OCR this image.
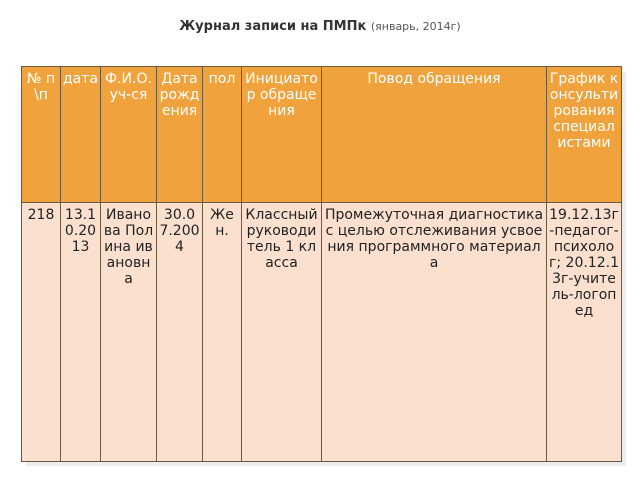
Журнал записи на ПМПк (январь, 2014г)
№ п\п	дата	Ф.И.О.уч-ся	Дата рождения	пол	Инициатор обращения	Повод обращения	График консультирования специалистами
218	13.10.2013	Иванова Полина ивановна	30.07.2004	Жен.	Классный руководитель 1 класса	Промежуточная диагностика с целью отслеживания усвоения программного материала	19.12.13г-педагог-психолог; 20.12.13г-учитель-логопед
